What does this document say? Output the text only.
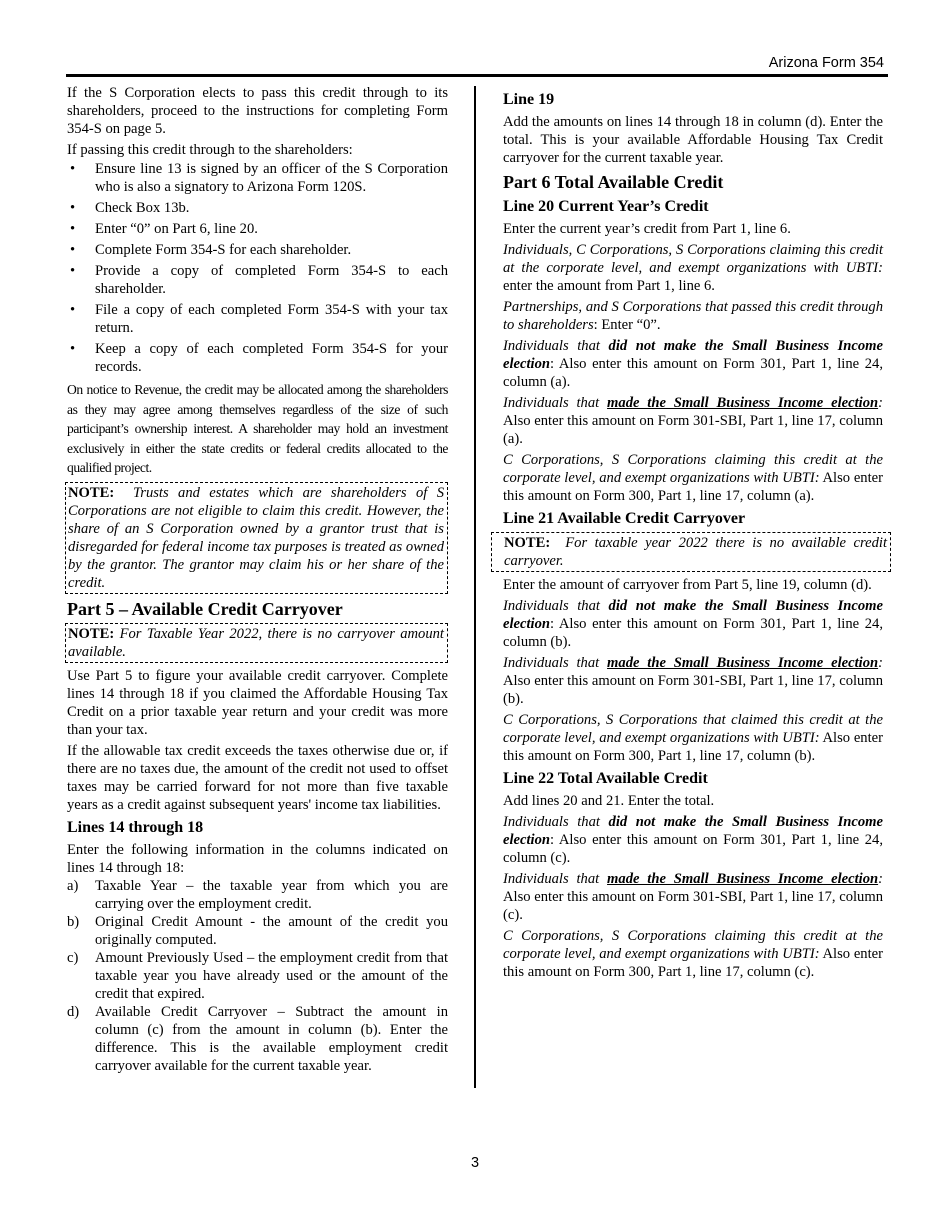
Arizona Form 354

If the S Corporation elects to pass this credit through to its shareholders, proceed to the instructions for completing Form 354-S on page 5.

If passing this credit through to the shareholders:

• Ensure line 13 is signed by an officer of the S Corporation who is also a signatory to Arizona Form 120S.
• Check Box 13b.
• Enter “0” on Part 6, line 20.
• Complete Form 354-S for each shareholder.
• Provide a copy of completed Form 354-S to each shareholder.
• File a copy of each completed Form 354-S with your tax return.
• Keep a copy of each completed Form 354-S for your records.

On notice to Revenue, the credit may be allocated among the shareholders as they may agree among themselves regardless of the size of such participant’s ownership interest. A shareholder may hold an investment exclusively in either the state credits or federal credits allocated to the qualified project.

NOTE: Trusts and estates which are shareholders of S Corporations are not eligible to claim this credit. However, the share of an S Corporation owned by a grantor trust that is disregarded for federal income tax purposes is treated as owned by the grantor. The grantor may claim his or her share of the credit.
Part 5 – Available Credit Carryover
NOTE: For Taxable Year 2022, there is no carryover amount available.

Use Part 5 to figure your available credit carryover. Complete lines 14 through 18 if you claimed the Affordable Housing Tax Credit on a prior taxable year return and your credit was more than your tax.

If the allowable tax credit exceeds the taxes otherwise due or, if there are no taxes due, the amount of the credit not used to offset taxes may be carried forward for not more than five taxable years as a credit against subsequent years' income tax liabilities.

Lines 14 through 18

Enter the following information in the columns indicated on lines 14 through 18:

a) Taxable Year – the taxable year from which you are carrying over the employment credit.
b) Original Credit Amount - the amount of the credit you originally computed.
c) Amount Previously Used – the employment credit from that taxable year you have already used or the amount of the credit that expired.
d) Available Credit Carryover – Subtract the amount in column (c) from the amount in column (b). Enter the difference. This is the available employment credit carryover available for the current taxable year.
Line 19

Add the amounts on lines 14 through 18 in column (d). Enter the total. This is your available Affordable Housing Tax Credit carryover for the current taxable year.

Part 6 Total Available Credit
Line 20 Current Year’s Credit

Enter the current year’s credit from Part 1, line 6.

Individuals, C Corporations, S Corporations claiming this credit at the corporate level, and exempt organizations with UBTI: enter the amount from Part 1, line 6.

Partnerships, and S Corporations that passed this credit through to shareholders: Enter “0”.

Individuals that did not make the Small Business Income election: Also enter this amount on Form 301, Part 1, line 24, column (a).

Individuals that made the Small Business Income election: Also enter this amount on Form 301-SBI, Part 1, line 17, column (a).

C Corporations, S Corporations claiming this credit at the corporate level, and exempt organizations with UBTI: Also enter this amount on Form 300, Part 1, line 17, column (a).

Line 21 Available Credit Carryover
NOTE: For taxable year 2022 there is no available credit carryover.

Enter the amount of carryover from Part 5, line 19, column (d).

Individuals that did not make the Small Business Income election: Also enter this amount on Form 301, Part 1, line 24, column (b).

Individuals that made the Small Business Income election: Also enter this amount on Form 301-SBI, Part 1, line 17, column (b).

C Corporations, S Corporations that claimed this credit at the corporate level, and exempt organizations with UBTI: Also enter this amount on Form 300, Part 1, line 17, column (b).

Line 22 Total Available Credit

Add lines 20 and 21. Enter the total.

Individuals that did not make the Small Business Income election: Also enter this amount on Form 301, Part 1, line 24, column (c).

Individuals that made the Small Business Income election: Also enter this amount on Form 301-SBI, Part 1, line 17, column (c).

C Corporations, S Corporations claiming this credit at the corporate level, and exempt organizations with UBTI: Also enter this amount on Form 300, Part 1, line 17, column (c).

3
